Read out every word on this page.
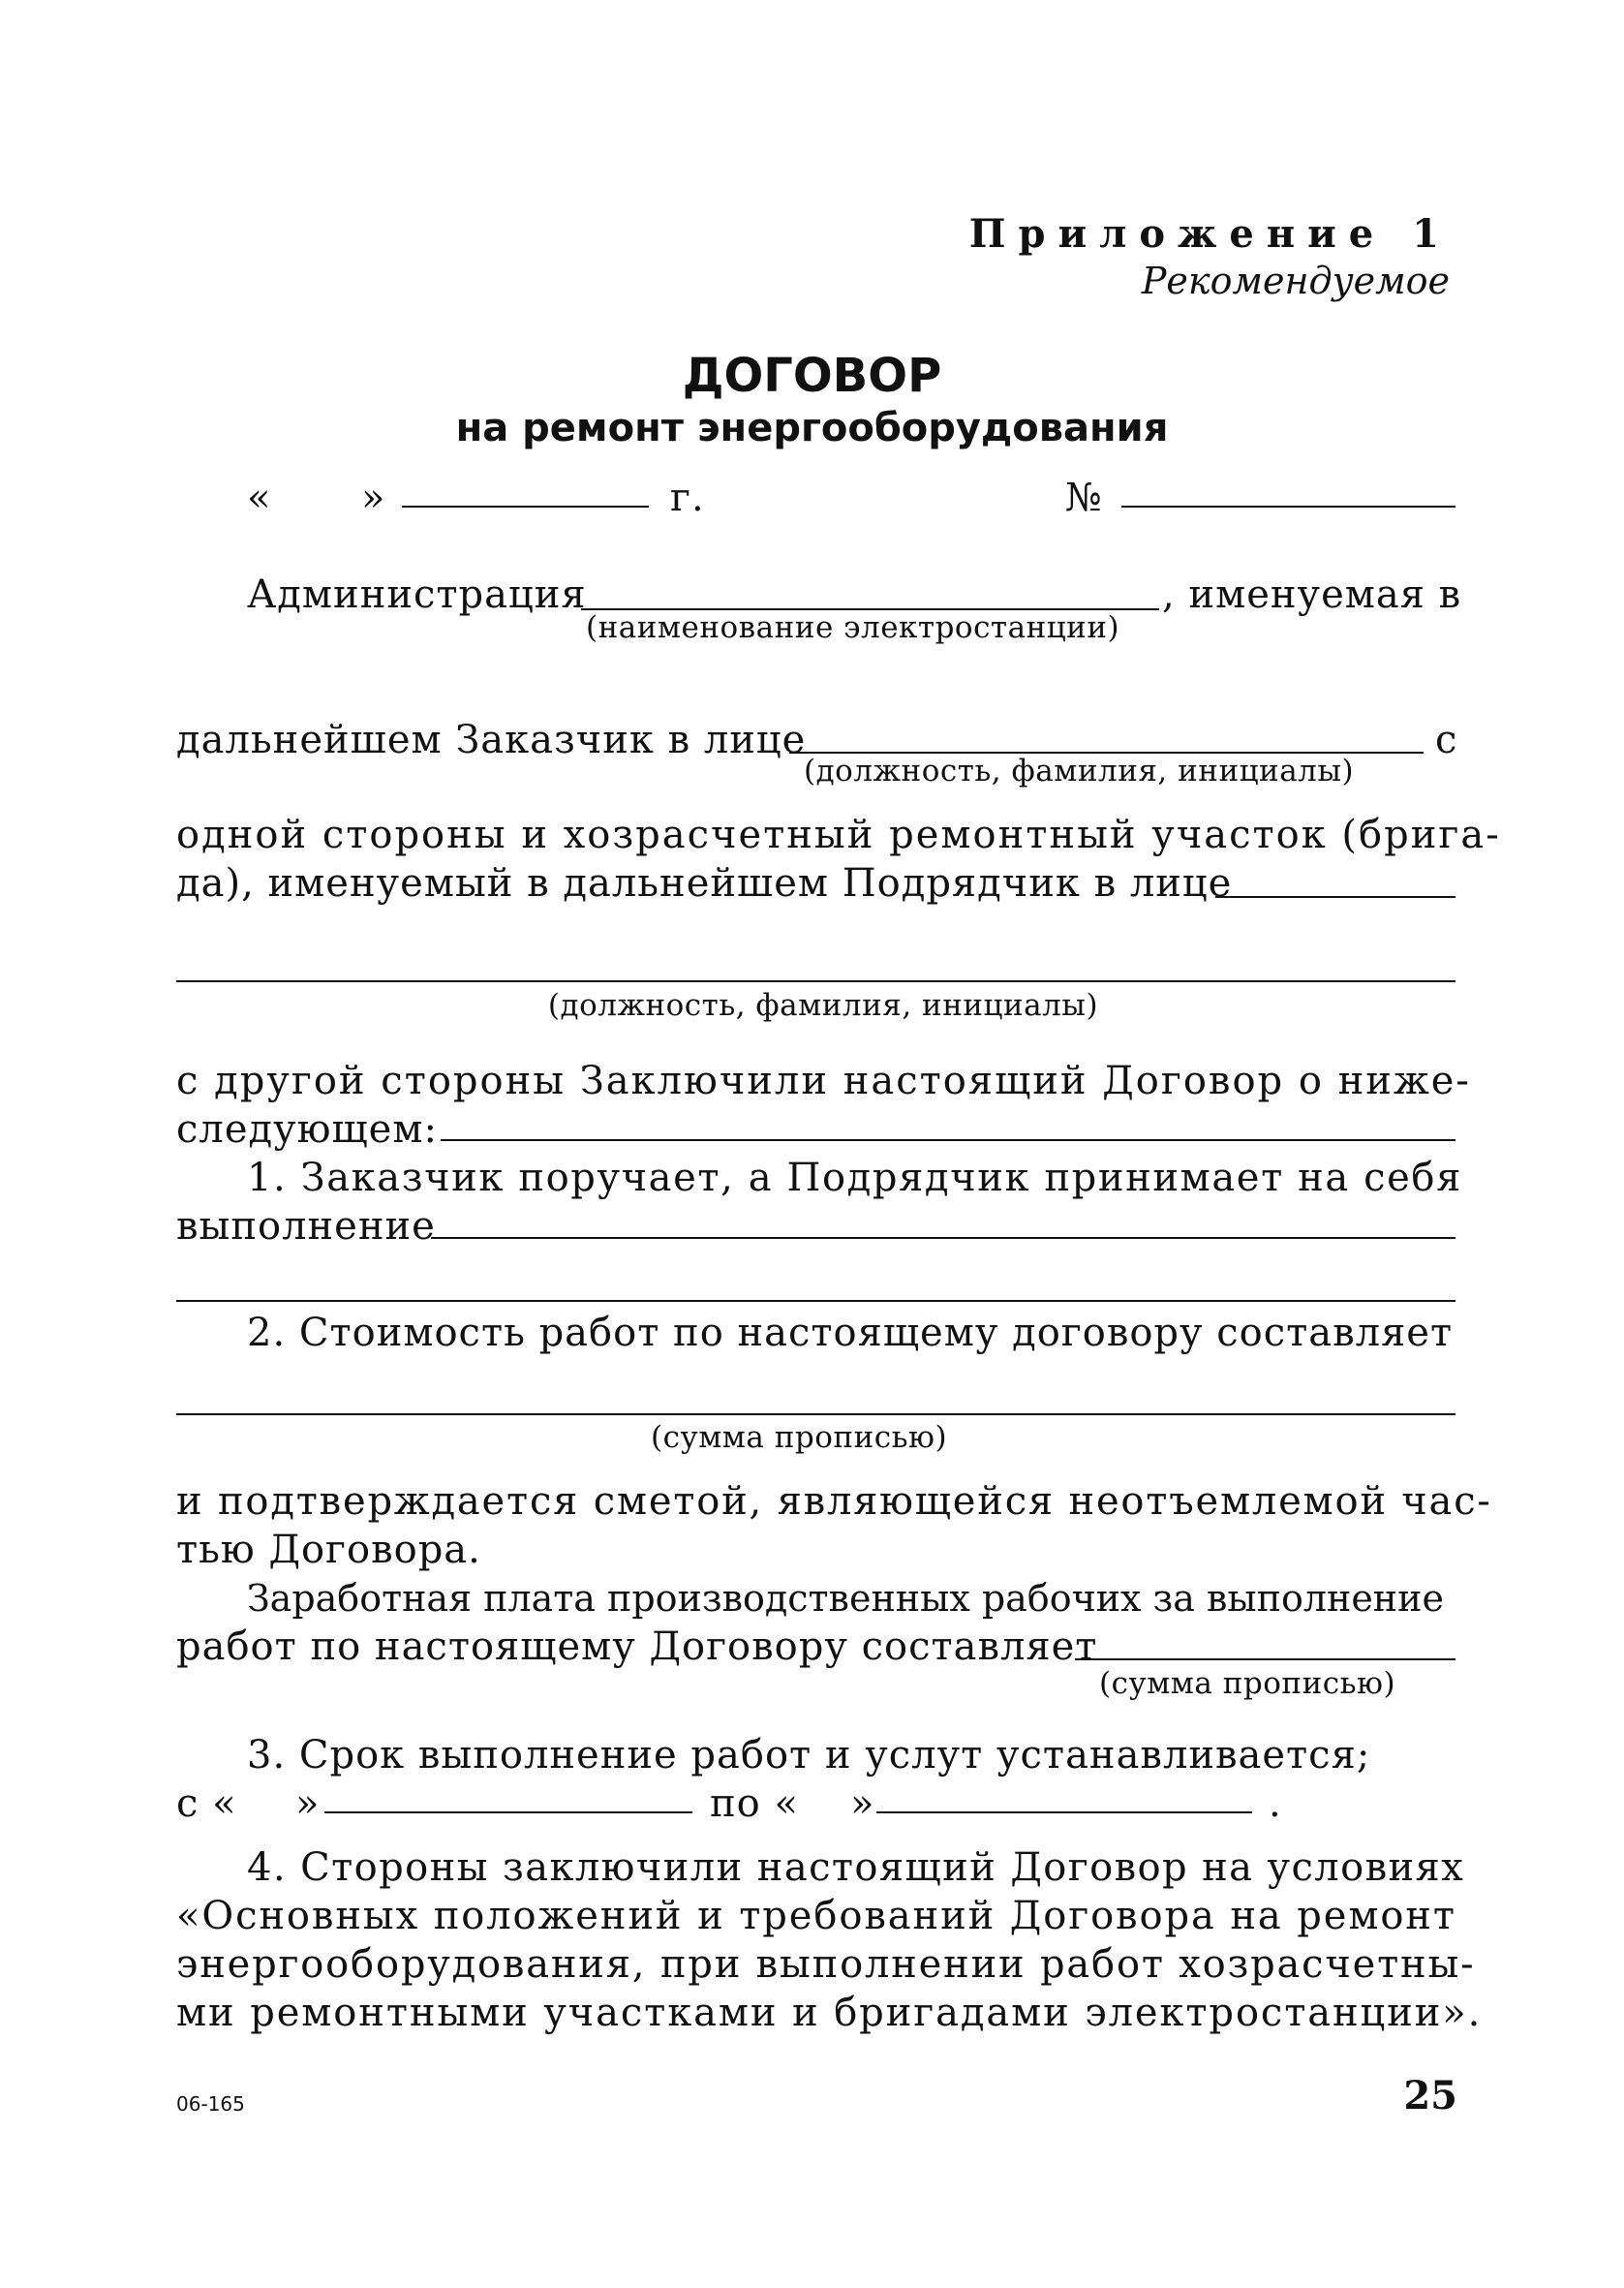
Приложение 1
Рекомендуемое
ДОГОВОР
на ремонт энергооборудования
« »	г.	№
Администрация	, именуемая в
(наименование электростанции)
дальнейшем Заказчик в лице	с
(должность, фамилия, инициалы)
одной стороны и хозрасчетный ремонтный участок (брига-
да), именуемый в дальнейшем Подрядчик в лице
(должность, фамилия, инициалы)
с другой стороны Заключили настоящий Договор о ниже-
следующем:
1. Заказчик поручает, а Подрядчик принимает на себя
выполнение
2. Стоимость работ по настоящему договору составляет
(сумма прописью)
и подтверждается сметой, являющейся неотъемлемой час-
тью Договора.
Заработная плата производственных рабочих за выполнение
работ по настоящему Договору составляет
(сумма прописью)
3. Срок выполнение работ и услут устанавливается;
с « »	по « »	.
4. Стороны заключили настоящий Договор на условиях
«Основных положений и требований Договора на ремонт
энергооборудования, при выполнении работ хозрасчетны-
ми ремонтными участками и бригадами электростанции».
06-165	25
